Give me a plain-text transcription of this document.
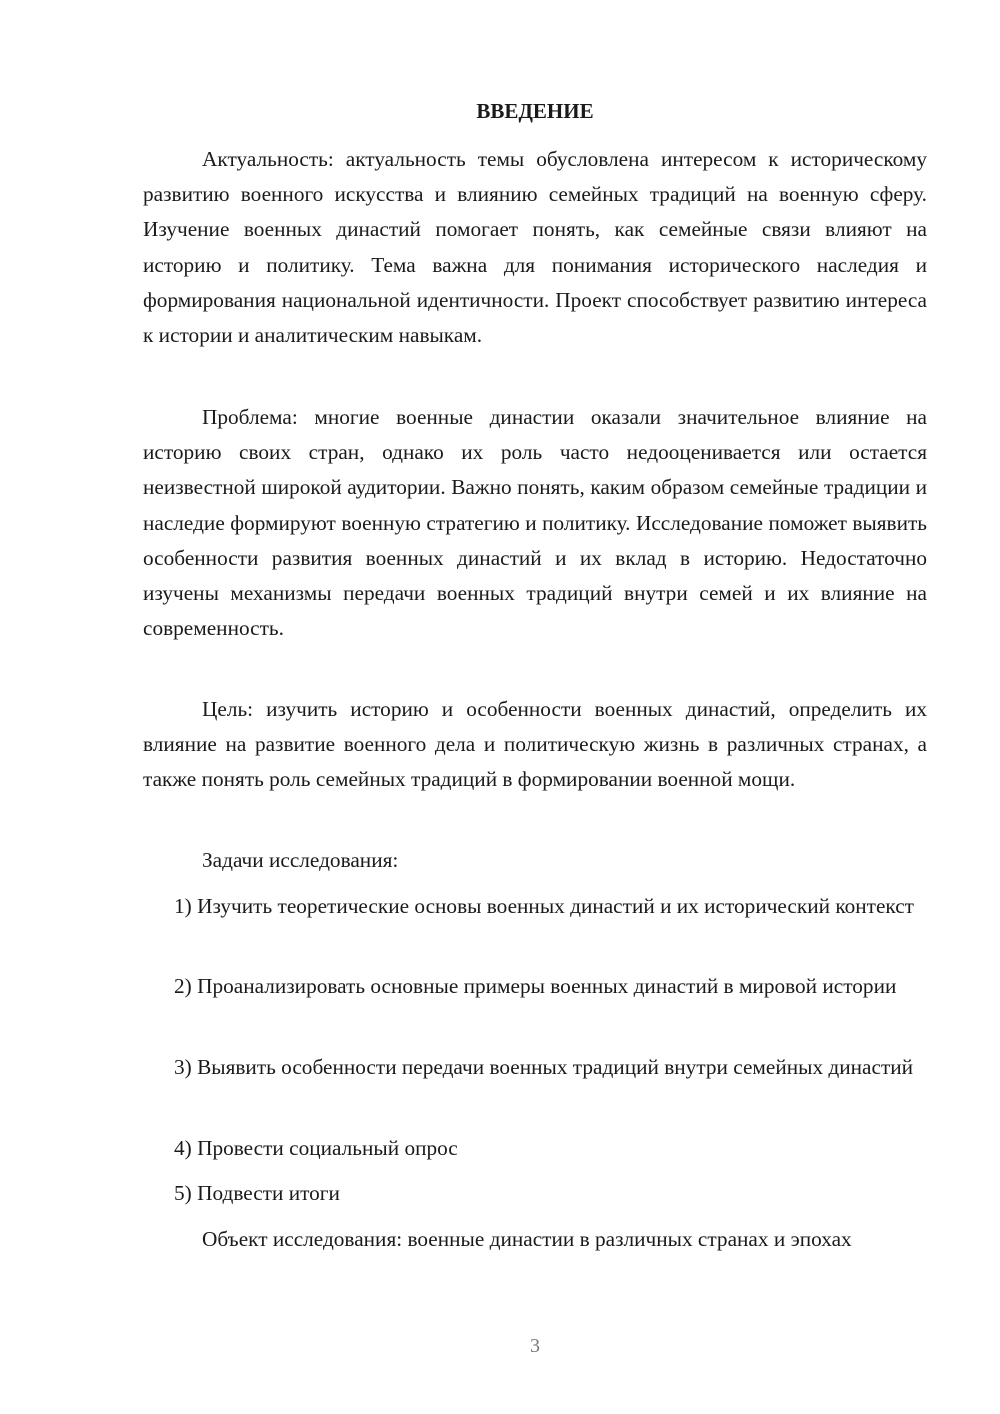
ВВЕДЕНИЕ

Актуальность: актуальность темы обусловлена интересом к историческому развитию военного искусства и влиянию семейных традиций на военную сферу. Изучение военных династий помогает понять, как семейные связи влияют на историю и политику. Тема важна для понимания исторического наследия и формирования национальной идентичности. Проект способствует развитию интереса к истории и аналитическим навыкам.

Проблема: многие военные династии оказали значительное влияние на историю своих стран, однако их роль часто недооценивается или остается неизвестной широкой аудитории. Важно понять, каким образом семейные традиции и наследие формируют военную стратегию и политику. Исследование поможет выявить особенности развития военных династий и их вклад в историю. Недостаточно изучены механизмы передачи военных традиций внутри семей и их влияние на современность.

Цель: изучить историю и особенности военных династий, определить их влияние на развитие военного дела и политическую жизнь в различных странах, а также понять роль семейных традиций в формировании военной мощи.

Задачи исследования:

1) Изучить теоретические основы военных династий и их исторический контекст

2) Проанализировать основные примеры военных династий в мировой истории

3) Выявить особенности передачи военных традиций внутри семейных династий

4) Провести социальный опрос

5) Подвести итоги

Объект исследования: военные династии в различных странах и эпохах

3
